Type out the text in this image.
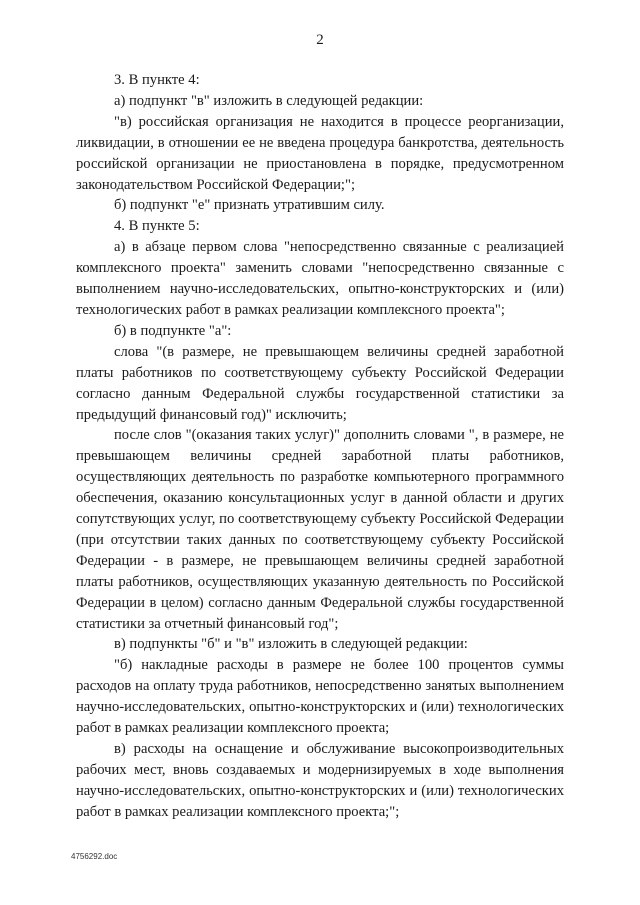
2

3. В пункте 4:

а) подпункт "в" изложить в следующей редакции:

"в) российская организация не находится в процессе реорганизации, ликвидации, в отношении ее не введена процедура банкротства, деятельность российской организации не приостановлена в порядке, предусмотренном законодательством Российской Федерации;";

б) подпункт "е" признать утратившим силу.

4. В пункте 5:

а) в абзаце первом слова "непосредственно связанные с реализацией комплексного проекта" заменить словами "непосредственно связанные с выполнением научно-исследовательских, опытно-конструкторских и (или) технологических работ в рамках реализации комплексного проекта";

б) в подпункте "а":

слова "(в размере, не превышающем величины средней заработной платы работников по соответствующему субъекту Российской Федерации согласно данным Федеральной службы государственной статистики за предыдущий финансовый год)" исключить;

после слов "(оказания таких услуг)" дополнить словами ", в размере, не превышающем величины средней заработной платы работников, осуществляющих деятельность по разработке компьютерного программного обеспечения, оказанию консультационных услуг в данной области и других сопутствующих услуг, по соответствующему субъекту Российской Федерации (при отсутствии таких данных по соответствующему субъекту Российской Федерации - в размере, не превышающем величины средней заработной платы работников, осуществляющих указанную деятельность по Российской Федерации в целом) согласно данным Федеральной службы государственной статистики за отчетный финансовый год";

в) подпункты "б" и "в" изложить в следующей редакции:

"б) накладные расходы в размере не более 100 процентов суммы расходов на оплату труда работников, непосредственно занятых выполнением научно-исследовательских, опытно-конструкторских и (или) технологических работ в рамках реализации комплексного проекта;

в) расходы на оснащение и обслуживание высокопроизводительных рабочих мест, вновь создаваемых и модернизируемых в ходе выполнения научно-исследовательских, опытно-конструкторских и (или) технологических работ в рамках реализации комплексного проекта;";

4756292.doc
